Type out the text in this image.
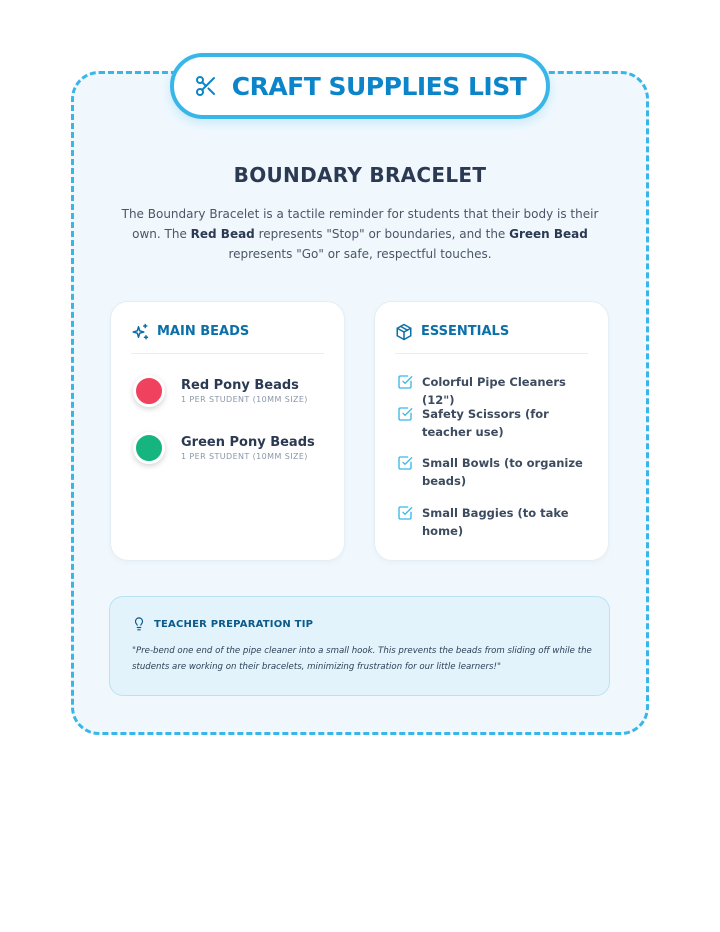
CRAFT SUPPLIES LIST
BOUNDARY BRACELET

The Boundary Bracelet is a tactile reminder for students that their body is their own. The Red Bead represents "Stop" or boundaries, and the Green Bead represents "Go" or safe, respectful touches.

MAIN BEADS
Red Pony Beads
1 PER STUDENT (10MM SIZE)
Green Pony Beads
1 PER STUDENT (10MM SIZE)
ESSENTIALS
Colorful Pipe Cleaners (12")
Safety Scissors (for teacher use)
Small Bowls (to organize beads)
Small Baggies (to take home)
TEACHER PREPARATION TIP

"Pre-bend one end of the pipe cleaner into a small hook. This prevents the beads from sliding off while the students are working on their bracelets, minimizing frustration for our little learners!"
